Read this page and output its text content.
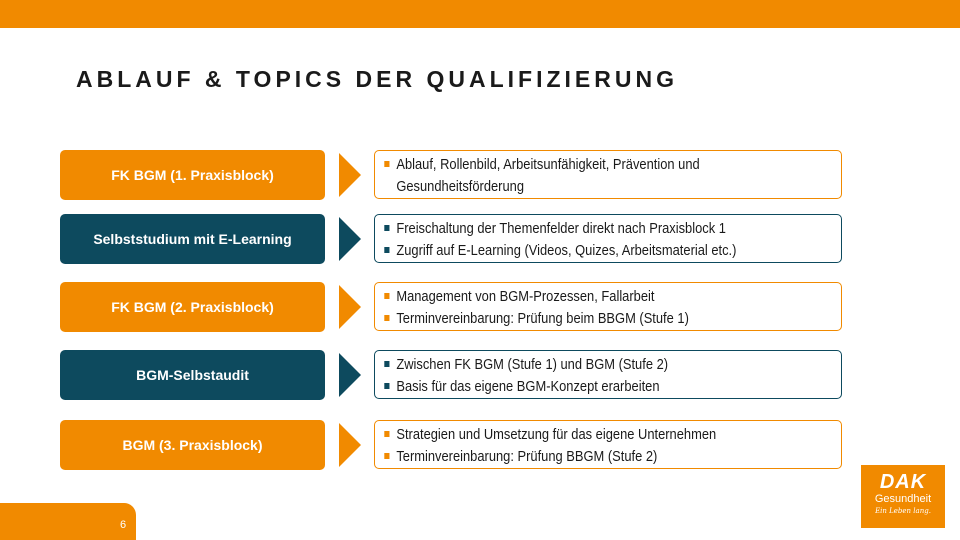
ABLAUF & TOPICS DER QUALIFIZIERUNG
FK BGM (1. Praxisblock)
Ablauf, Rollenbild, Arbeitsunfähigkeit, Prävention und
Gesundheitsförderung
Selbststudium mit E-Learning
Freischaltung der Themenfelder direkt nach Praxisblock 1
Zugriff auf E-Learning (Videos, Quizes, Arbeitsmaterial etc.)
FK BGM (2. Praxisblock)
Management von BGM-Prozessen, Fallarbeit
Terminvereinbarung: Prüfung beim BBGM (Stufe 1)
BGM-Selbstaudit
Zwischen FK BGM (Stufe 1) und BGM (Stufe 2)
Basis für das eigene BGM-Konzept erarbeiten
BGM (3. Praxisblock)
Strategien und Umsetzung für das eigene Unternehmen
Terminvereinbarung: Prüfung BBGM (Stufe 2)
6
DAK
Gesundheit
Ein Leben lang.
